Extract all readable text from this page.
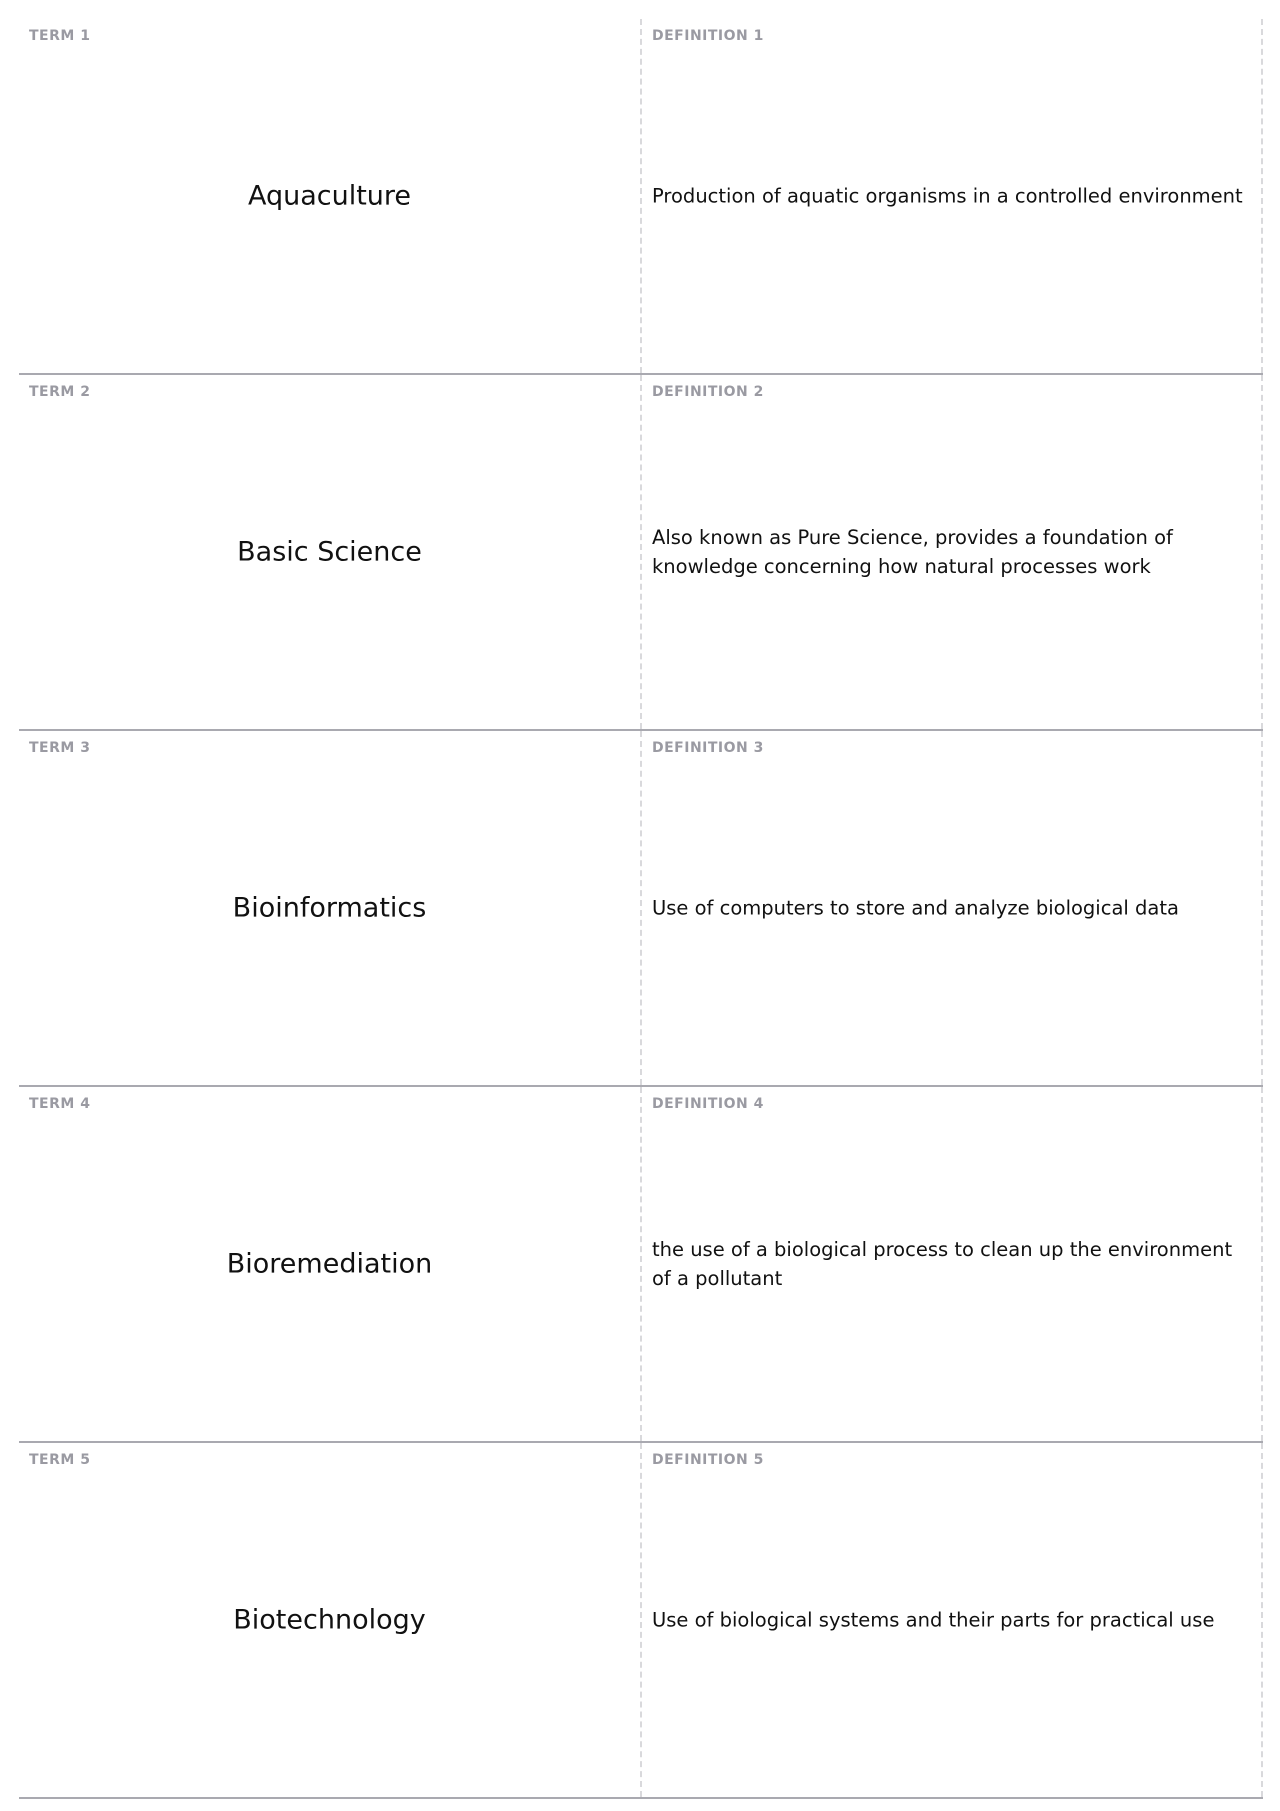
TERM 1
Aquaculture
DEFINITION 1
Production of aquatic organisms in a controlled environment
TERM 2
Basic Science
DEFINITION 2
Also known as Pure Science, provides a foundation of knowledge concerning how natural processes work
TERM 3
Bioinformatics
DEFINITION 3
Use of computers to store and analyze biological data
TERM 4
Bioremediation
DEFINITION 4
the use of a biological process to clean up the environment of a pollutant
TERM 5
Biotechnology
DEFINITION 5
Use of biological systems and their parts for practical use
